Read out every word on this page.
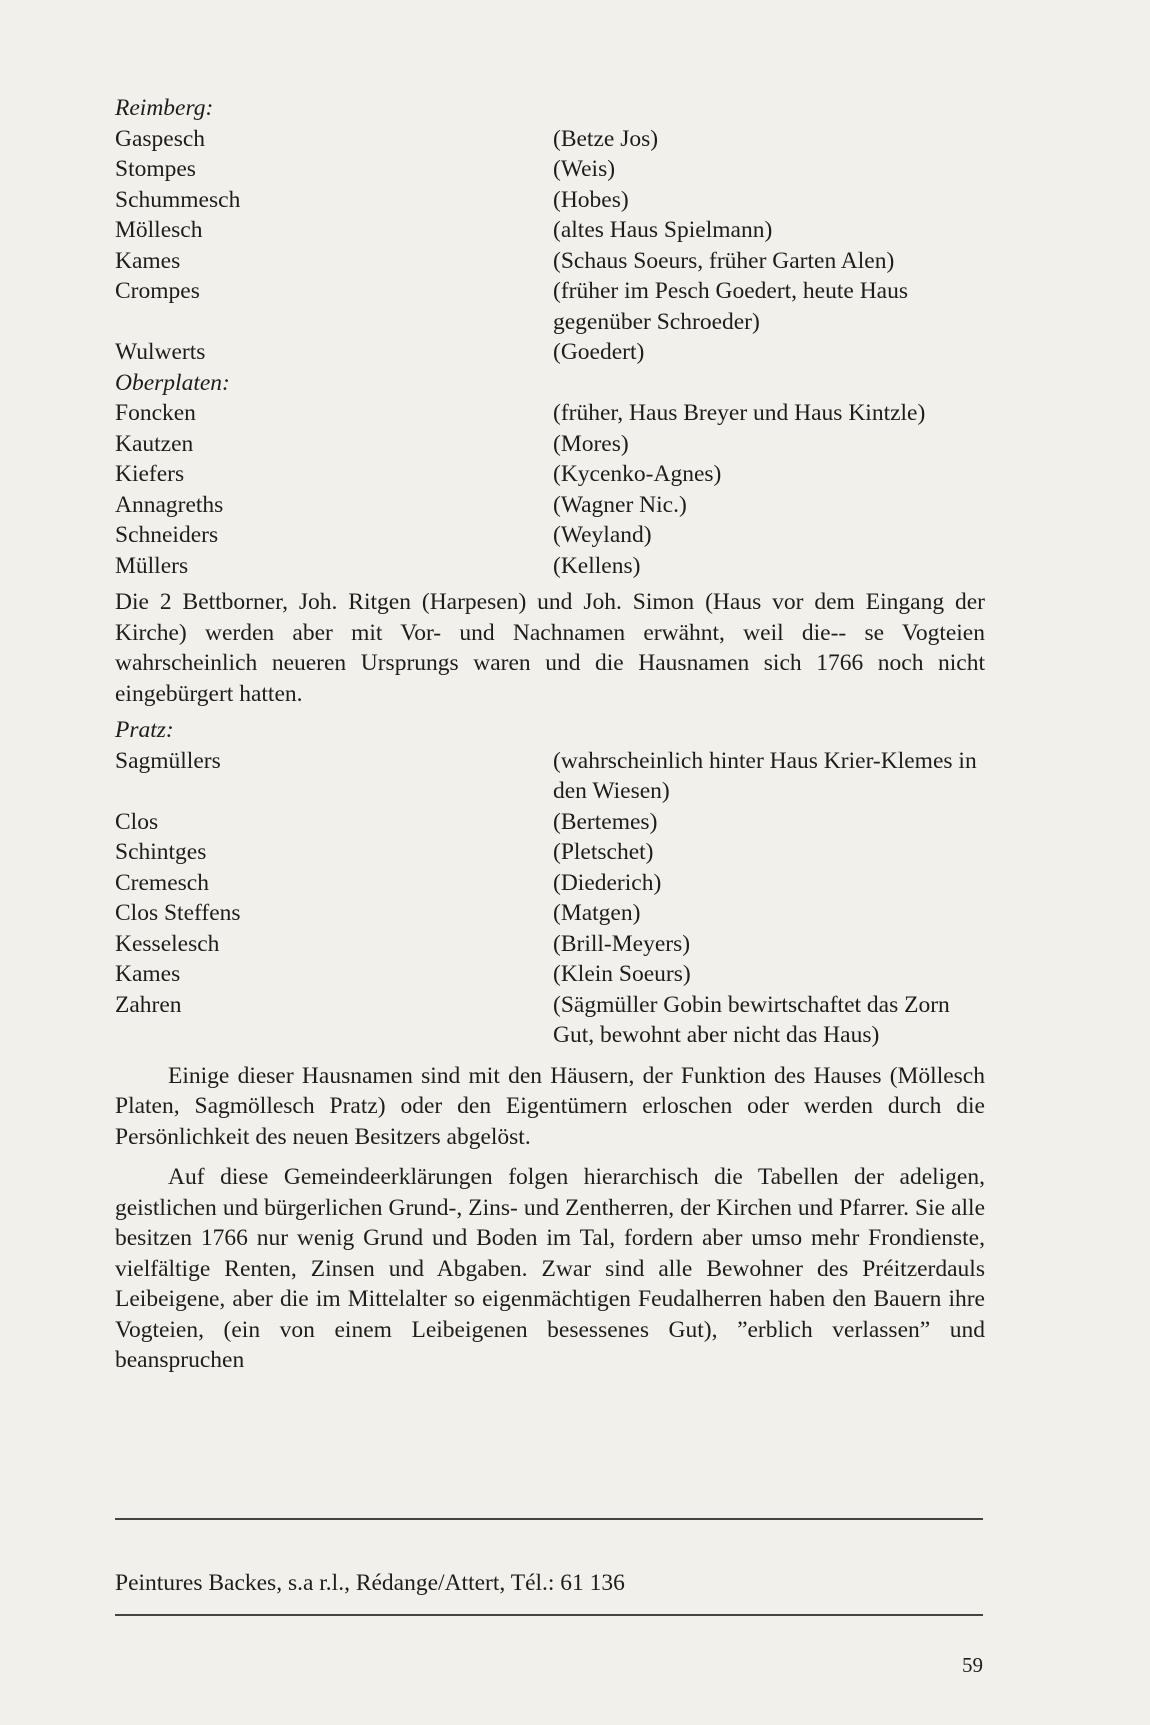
Reimberg:

Gaspesch	(Betze Jos)
Stompes	(Weis)
Schummesch	(Hobes)
Möllesch	(altes Haus Spielmann)
Kames	(Schaus Soeurs, früher Garten Alen)
Crompes	(früher im Pesch Goedert, heute Haus gegenüber Schroeder)
Wulwerts	(Goedert)

Oberplaten:

Foncken	(früher, Haus Breyer und Haus Kintzle)
Kautzen	(Mores)
Kiefers	(Kycenko-Agnes)
Annagreths	(Wagner Nic.)
Schneiders	(Weyland)
Müllers	(Kellens)

Die 2 Bettborner, Joh. Ritgen (Harpesen) und Joh. Simon (Haus vor dem Eingang der Kirche) werden aber mit Vor- und Nachnamen erwähnt, weil die-- se Vogteien wahrscheinlich neueren Ursprungs waren und die Hausnamen sich 1766 noch nicht eingebürgert hatten.

Pratz:

Sagmüllers	(wahrscheinlich hinter Haus Krier-Klemes in den Wiesen)
Clos	(Bertemes)
Schintges	(Pletschet)
Cremesch	(Diederich)
Clos Steffens	(Matgen)
Kesselesch	(Brill-Meyers)
Kames	(Klein Soeurs)
Zahren	(Sägmüller Gobin bewirtschaftet das Zorn Gut, bewohnt aber nicht das Haus)

Einige dieser Hausnamen sind mit den Häusern, der Funktion des Hauses (Möllesch Platen, Sagmöllesch Pratz) oder den Eigentümern erloschen oder werden durch die Persönlichkeit des neuen Besitzers abgelöst.

Auf diese Gemeindeerklärungen folgen hierarchisch die Tabellen der adeligen, geistlichen und bürgerlichen Grund-, Zins- und Zentherren, der Kirchen und Pfarrer. Sie alle besitzen 1766 nur wenig Grund und Boden im Tal, fordern aber umso mehr Frondienste, vielfältige Renten, Zinsen und Abgaben. Zwar sind alle Bewohner des Préitzerdauls Leibeigene, aber die im Mittelalter so eigenmächtigen Feudalherren haben den Bauern ihre Vogteien, (ein von einem Leibeigenen besessenes Gut), ”erblich verlassen” und beanspruchen

Peintures Backes, s.a r.l., Rédange/Attert, Tél.: 61 136

59
